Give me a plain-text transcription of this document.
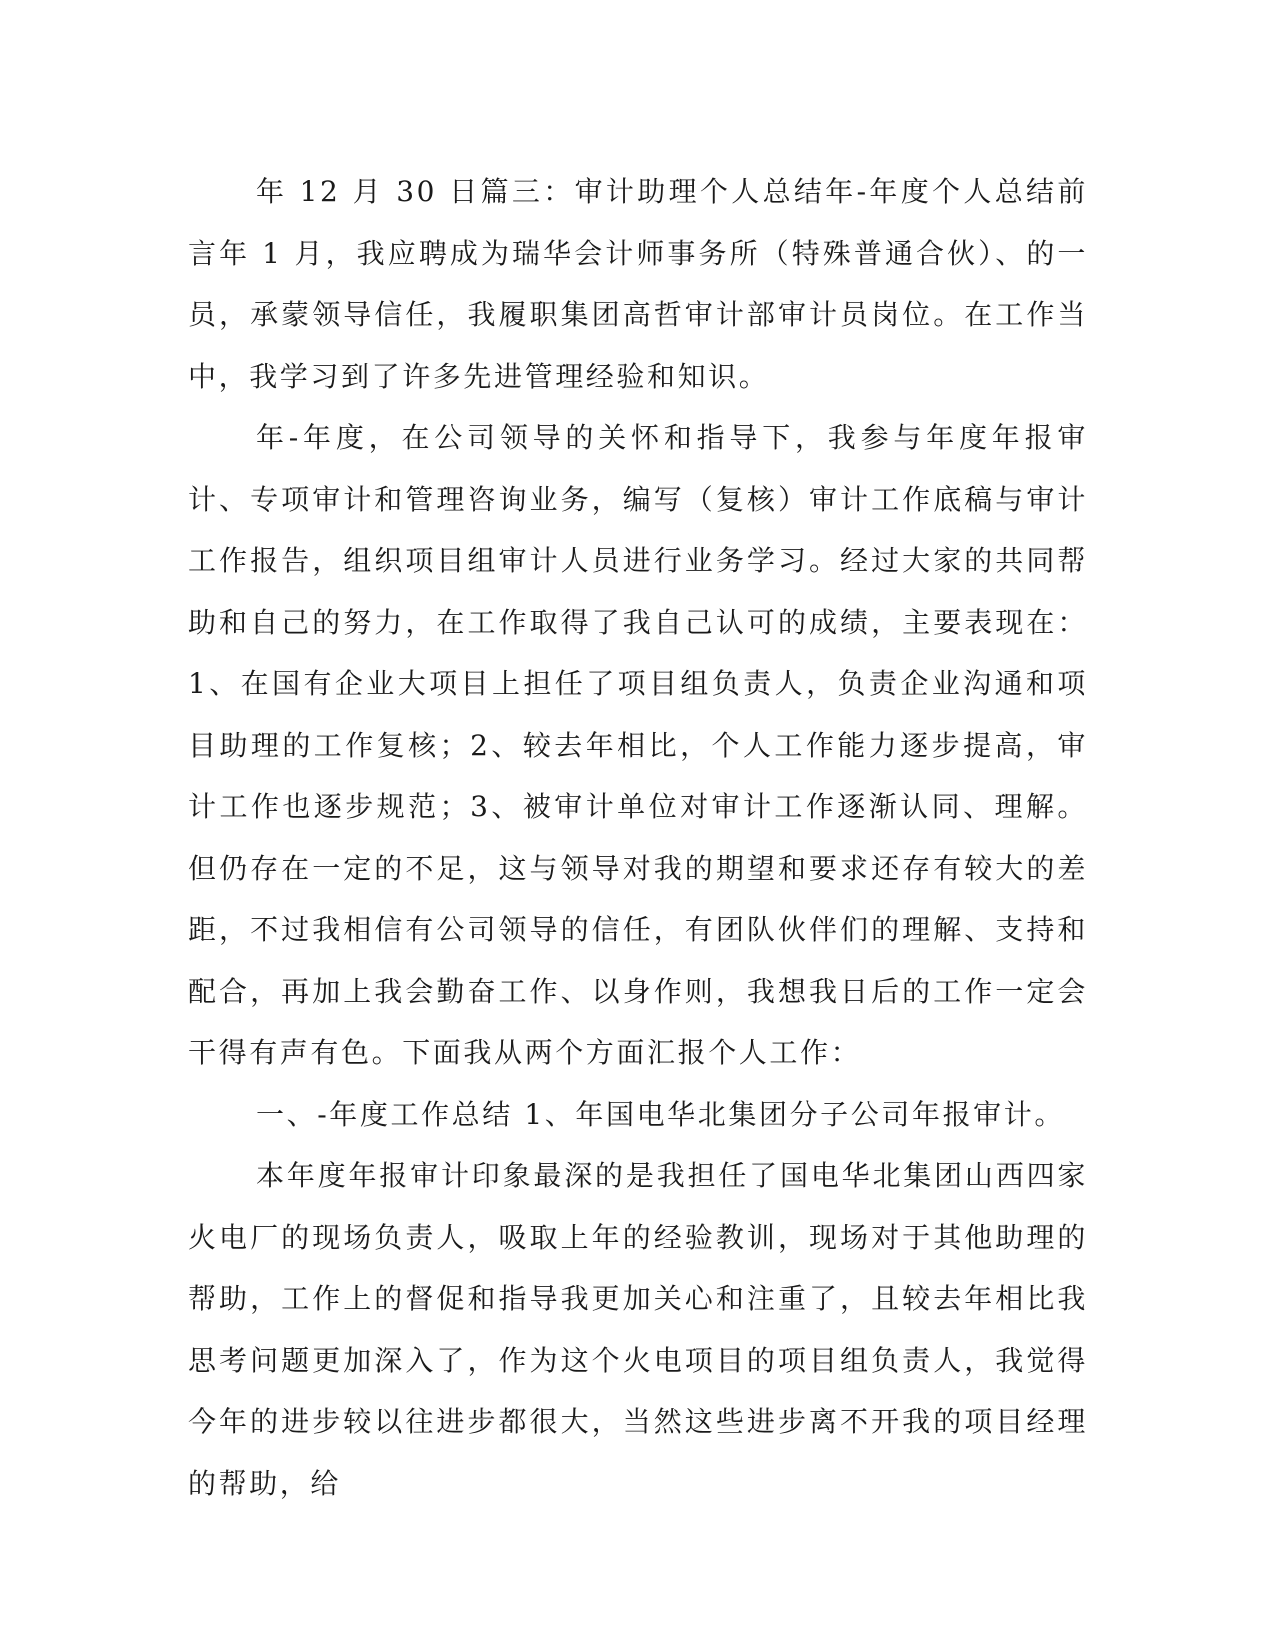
年 12 月 30 日篇三：审计助理个人总结年-年度个人总结前言年 1 月，我应聘成为瑞华会计师事务所（特殊普通合伙）、的一员，承蒙领导信任，我履职集团高哲审计部审计员岗位。在工作当中，我学习到了许多先进管理经验和知识。

年-年度，在公司领导的关怀和指导下，我参与年度年报审计、专项审计和管理咨询业务，编写（复核）审计工作底稿与审计工作报告，组织项目组审计人员进行业务学习。经过大家的共同帮助和自己的努力，在工作取得了我自己认可的成绩，主要表现在：1、在国有企业大项目上担任了项目组负责人，负责企业沟通和项目助理的工作复核；2、较去年相比，个人工作能力逐步提高，审计工作也逐步规范；3、被审计单位对审计工作逐渐认同、理解。但仍存在一定的不足，这与领导对我的期望和要求还存有较大的差距，不过我相信有公司领导的信任，有团队伙伴们的理解、支持和配合，再加上我会勤奋工作、以身作则，我想我日后的工作一定会干得有声有色。下面我从两个方面汇报个人工作：

一、-年度工作总结 1、年国电华北集团分子公司年报审计。

本年度年报审计印象最深的是我担任了国电华北集团山西四家火电厂的现场负责人，吸取上年的经验教训，现场对于其他助理的帮助，工作上的督促和指导我更加关心和注重了，且较去年相比我思考问题更加深入了，作为这个火电项目的项目组负责人，我觉得今年的进步较以往进步都很大，当然这些进步离不开我的项目经理的帮助，给
